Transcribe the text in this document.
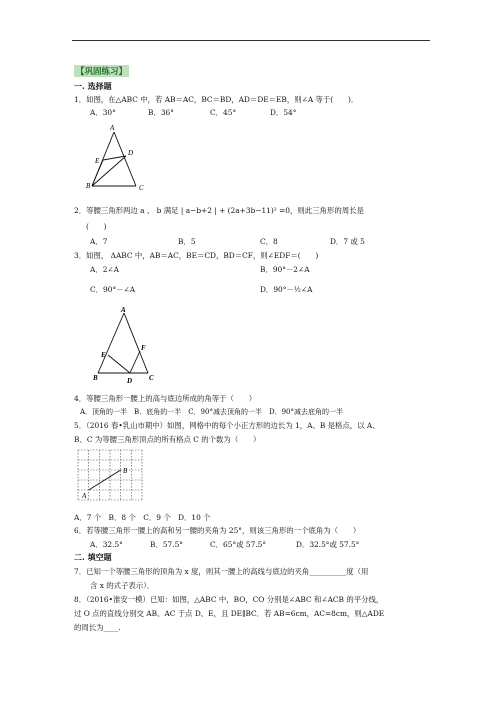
【巩固练习】
一. 选择题
1．如图，在△ABC 中，若 AB＝AC，BC＝BD，AD＝DE＝EB，则∠A 等于(　　)．
A．30°	B．36°	C．45°	D．54°
A
D
E
B	C
2．等腰三角形两边 a 、 b 满足 | a−b+2 | + (2a+3b−11)² =0，则此三角形的周长是
(　　)
A．7	B．5	C．8	D．7 或 5
3．如图， ΔABC 中，AB＝AC，BE＝CD，BD＝CF，则∠EDF＝(　　)
A．2∠A	B．90°－2∠A
C．90°－∠A	D．90°－½∠A
A
F
E
B	D C
4．等腰三角形一腰上的高与底边所成的角等于（　　）
A．顶角的一半　B．底角的一半　C．90°减去顶角的一半　D．90°减去底角的一半
5．（2016 春•乳山市期中）如图，网格中的每个小正方形的边长为 1，A、B 是格点，以 A、
B、C 为等腰三角形顶点的所有格点 C 的个数为（　　）
B
A
A．7 个　B．8 个　C．9 个　D．10 个
6．若等腰三角形一腰上的高和另一腰的夹角为 25°，则该三角形的一个底角为（　　）
A．32.5°	B．57.5°	C．65°或 57.5°	D．32.5°或 57.5°
二. 填空题
7．已知一个等腰三角形的顶角为 x 度，则其一腰上的高线与底边的夹角__________度（用
含 x 的式子表示）．
8．（2016•淮安一模）已知：如图，△ABC 中，BO，CO 分别是∠ABC 和∠ACB 的平分线，
过 O 点的直线分别交 AB、AC 于点 D、E，且 DE∥BC．若 AB=6cm，AC=8cm，则△ADE
的周长为____.
